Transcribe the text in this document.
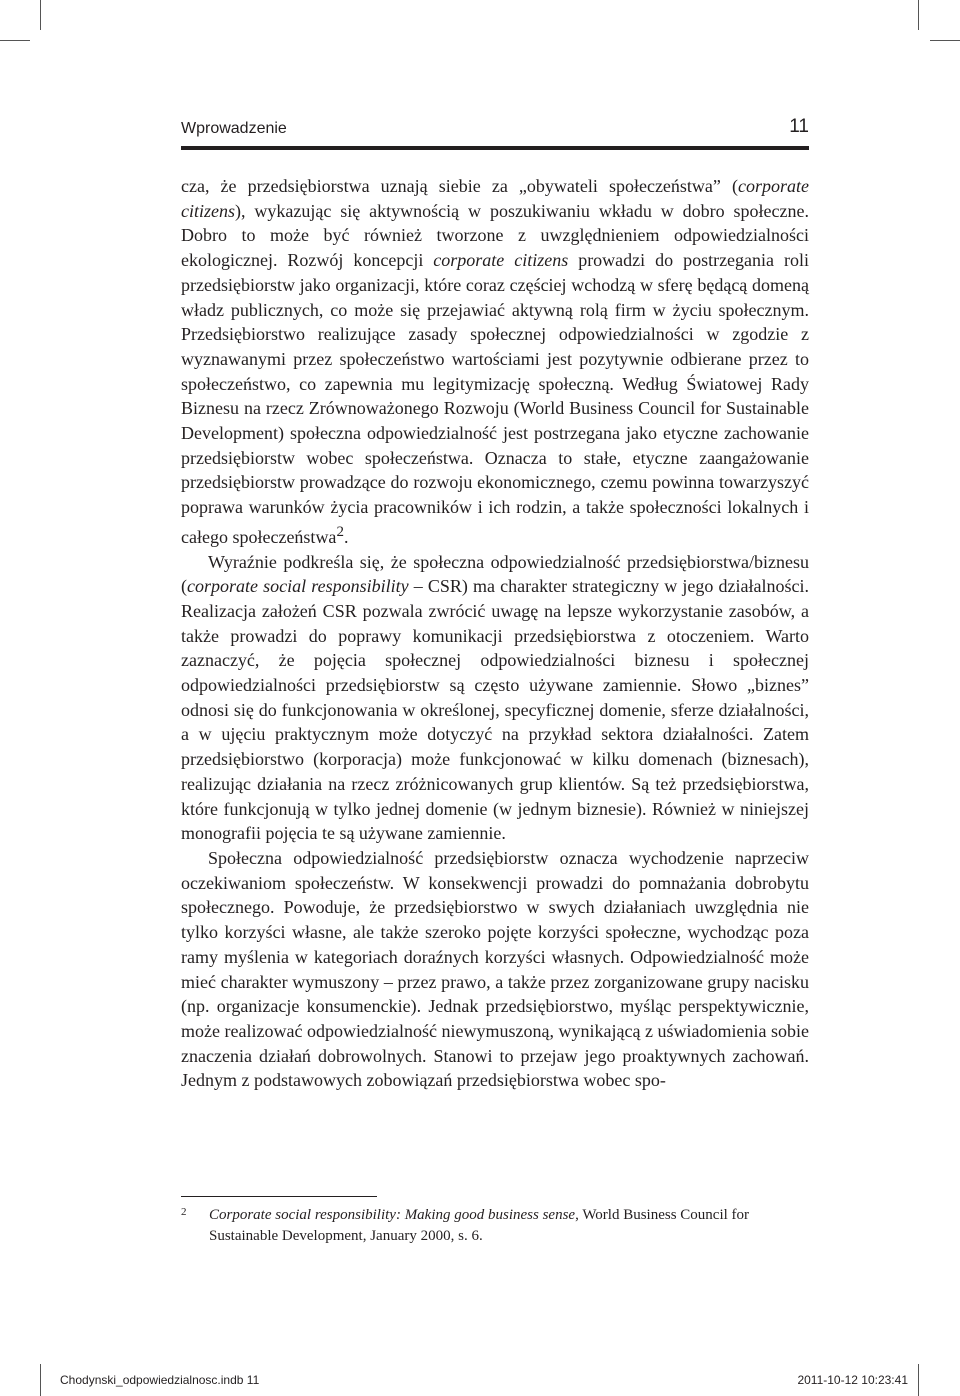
Wprowadzenie	11

cza, że przedsiębiorstwa uznają siebie za „obywateli społeczeństwa” (corporate citizens), wykazując się aktywnością w poszukiwaniu wkładu w dobro społeczne. Dobro to może być również tworzone z uwzględnieniem odpowiedzialności ekologicznej. Rozwój koncepcji corporate citizens prowadzi do postrzegania roli przedsiębiorstw jako organizacji, które coraz częściej wchodzą w sferę będącą domeną władz publicznych, co może się przejawiać aktywną rolą firm w życiu społecznym. Przedsiębiorstwo realizujące zasady społecznej odpowiedzialności w zgodzie z wyznawanymi przez społeczeństwo wartościami jest pozytywnie odbierane przez to społeczeństwo, co zapewnia mu legitymizację społeczną. Według Światowej Rady Biznesu na rzecz Zrównoważonego Rozwoju (World Business Council for Sustainable Development) społeczna odpowiedzialność jest postrzegana jako etyczne zachowanie przedsiębiorstw wobec społeczeństwa. Oznacza to stałe, etyczne zaangażowanie przedsiębiorstw prowadzące do rozwoju ekonomicznego, czemu powinna towarzyszyć poprawa warunków życia pracowników i ich rodzin, a także społeczności lokalnych i całego społeczeństwa$^2$.

Wyraźnie podkreśla się, że społeczna odpowiedzialność przedsiębiorstwa/biznesu (corporate social responsibility – CSR) ma charakter strategiczny w jego działalności. Realizacja założeń CSR pozwala zwrócić uwagę na lepsze wykorzystanie zasobów, a także prowadzi do poprawy komunikacji przedsiębiorstwa z otoczeniem. Warto zaznaczyć, że pojęcia społecznej odpowiedzialności biznesu i społecznej odpowiedzialności przedsiębiorstw są często używane zamiennie. Słowo „biznes” odnosi się do funkcjonowania w określonej, specyficznej domenie, sferze działalności, a w ujęciu praktycznym może dotyczyć na przykład sektora działalności. Zatem przedsiębiorstwo (korporacja) może funkcjonować w kilku domenach (biznesach), realizując działania na rzecz zróżnicowanych grup klientów. Są też przedsiębiorstwa, które funkcjonują w tylko jednej domenie (w jednym biznesie). Również w niniejszej monografii pojęcia te są używane zamiennie.

Społeczna odpowiedzialność przedsiębiorstw oznacza wychodzenie naprzeciw oczekiwaniom społeczeństw. W konsekwencji prowadzi do pomnażania dobrobytu społecznego. Powoduje, że przedsiębiorstwo w swych działaniach uwzględnia nie tylko korzyści własne, ale także szeroko pojęte korzyści społeczne, wychodząc poza ramy myślenia w kategoriach doraźnych korzyści własnych. Odpowiedzialność może mieć charakter wymuszony – przez prawo, a także przez zorganizowane grupy nacisku (np. organizacje konsumenckie). Jednak przedsiębiorstwo, myśląc perspektywicznie, może realizować odpowiedzialność niewymuszoną, wynikającą z uświadomienia sobie znaczenia działań dobrowolnych. Stanowi to przejaw jego proaktywnych zachowań. Jednym z podstawowych zobowiązań przedsiębiorstwa wobec spo-

2 Corporate social responsibility: Making good business sense, World Business Council for Sustainable Development, January 2000, s. 6.
Chodynski_odpowiedzialnosc.indb 11	2011-10-12 10:23:41
